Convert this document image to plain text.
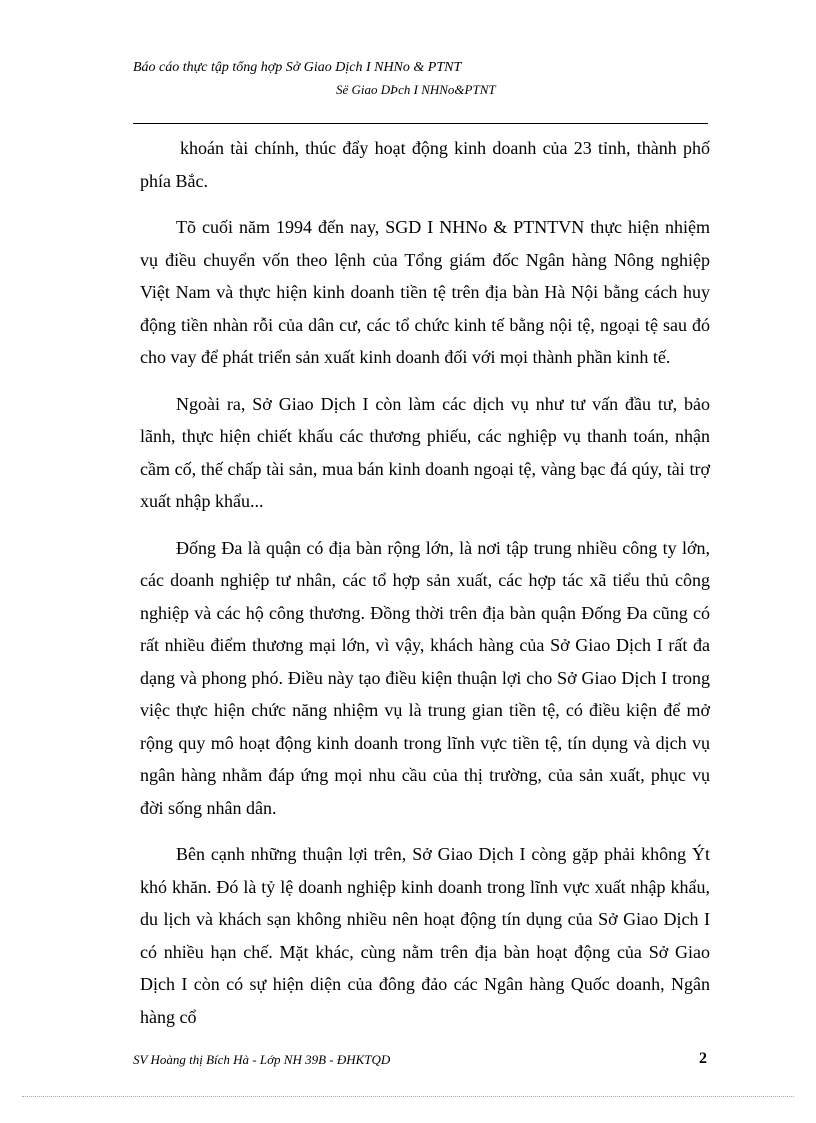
Báo cáo thực tập tổng hợp Sở Giao Dịch I NHNo & PTNT
Së Giao DÞch I NHNo&PTNT

khoán tài chính, thúc đẩy hoạt động kinh doanh của 23 tỉnh, thành phố phía Bắc.

Tõ cuối năm 1994 đến nay, SGD I NHNo & PTNTVN thực hiện nhiệm vụ điều chuyển vốn theo lệnh của Tổng giám đốc Ngân hàng Nông nghiệp Việt Nam và thực hiện kinh doanh tiền tệ trên địa bàn Hà Nội bằng cách huy động tiền nhàn rỗi của dân cư, các tổ chức kinh tế bằng nội tệ, ngoại tệ sau đó cho vay để phát triển sản xuất kinh doanh đối với mọi thành phần kinh tế.

Ngoài ra, Sở Giao Dịch I còn làm các dịch vụ như tư vấn đầu tư, bảo lãnh, thực hiện chiết khấu các thương phiếu, các nghiệp vụ thanh toán, nhận cầm cố, thế chấp tài sản, mua bán kinh doanh ngoại tệ, vàng bạc đá qúy, tài trợ xuất nhập khẩu...

Đống Đa là quận có địa bàn rộng lớn, là nơi tập trung nhiều công ty lớn, các doanh nghiệp tư nhân, các tổ hợp sản xuất, các hợp tác xã tiểu thủ công nghiệp và các hộ công thương. Đồng thời trên địa bàn quận Đống Đa cũng có rất nhiều điểm thương mại lớn, vì vậy, khách hàng của Sở Giao Dịch I rất đa dạng và phong phó. Điều này tạo điều kiện thuận lợi cho Sở Giao Dịch I trong việc thực hiện chức năng nhiệm vụ là trung gian tiền tệ, có điều kiện để mở rộng quy mô hoạt động kinh doanh trong lĩnh vực tiền tệ, tín dụng và dịch vụ ngân hàng nhằm đáp ứng mọi nhu cầu của thị trường, của sản xuất, phục vụ đời sống nhân dân.

Bên cạnh những thuận lợi trên, Sở Giao Dịch I còng gặp phải không Ýt khó khăn. Đó là tỷ lệ doanh nghiệp kinh doanh trong lĩnh vực xuất nhập khẩu, du lịch và khách sạn không nhiều nên hoạt động tín dụng của Sở Giao Dịch I có nhiều hạn chế. Mặt khác, cùng nằm trên địa bàn hoạt động của Sở Giao Dịch I còn có sự hiện diện của đông đảo các Ngân hàng Quốc doanh, Ngân hàng cổ

SV Hoàng thị Bích Hà - Lớp NH 39B - ĐHKTQD	2
